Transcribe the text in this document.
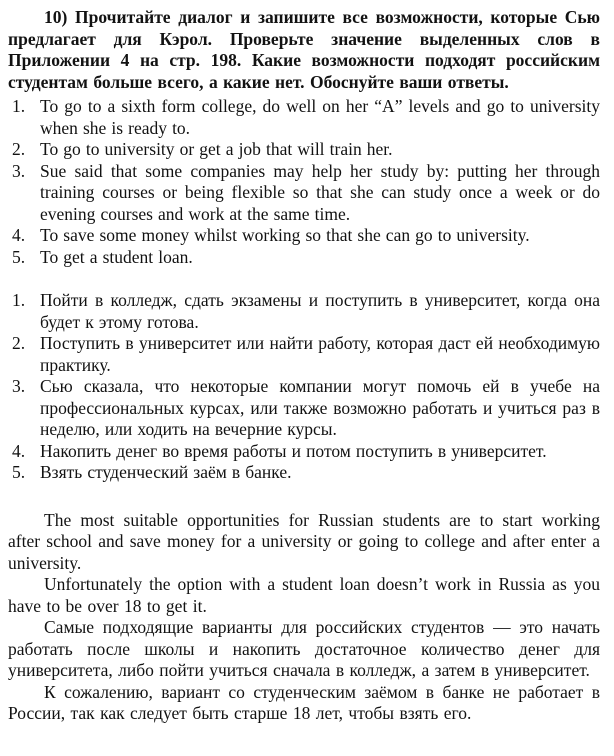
10) Прочитайте диалог и запишите все возможности, которые Сью предлагает для Кэрол. Проверьте значение выделенных слов в Приложении 4 на стр. 198. Какие возможности подходят российским студентам больше всего, а какие нет. Обоснуйте ваши ответы.

1. To go to a sixth form college, do well on her “A” levels and go to university when she is ready to.
2. To go to university or get a job that will train her.
3. Sue said that some companies may help her study by: putting her through training courses or being flexible so that she can study once a week or do evening courses and work at the same time.
4. To save some money whilst working so that she can go to university.
5. To get a student loan.
1. Пойти в колледж, сдать экзамены и поступить в университет, когда она будет к этому готова.
2. Поступить в университет или найти работу, которая даст ей необходимую практику.
3. Сью сказала, что некоторые компании могут помочь ей в учебе на профессиональных курсах, или также возможно работать и учиться раз в неделю, или ходить на вечерние курсы.
4. Накопить денег во время работы и потом поступить в университет.
5. Взять студенческий заём в банке.

The most suitable opportunities for Russian students are to start working after school and save money for a university or going to college and after enter a university.

Unfortunately the option with a student loan doesn’t work in Russia as you have to be over 18 to get it.

Самые подходящие варианты для российских студентов — это начать работать после школы и накопить достаточное количество денег для университета, либо пойти учиться сначала в колледж, а затем в университет.

К сожалению, вариант со студенческим заёмом в банке не работает в России, так как следует быть старше 18 лет, чтобы взять его.
